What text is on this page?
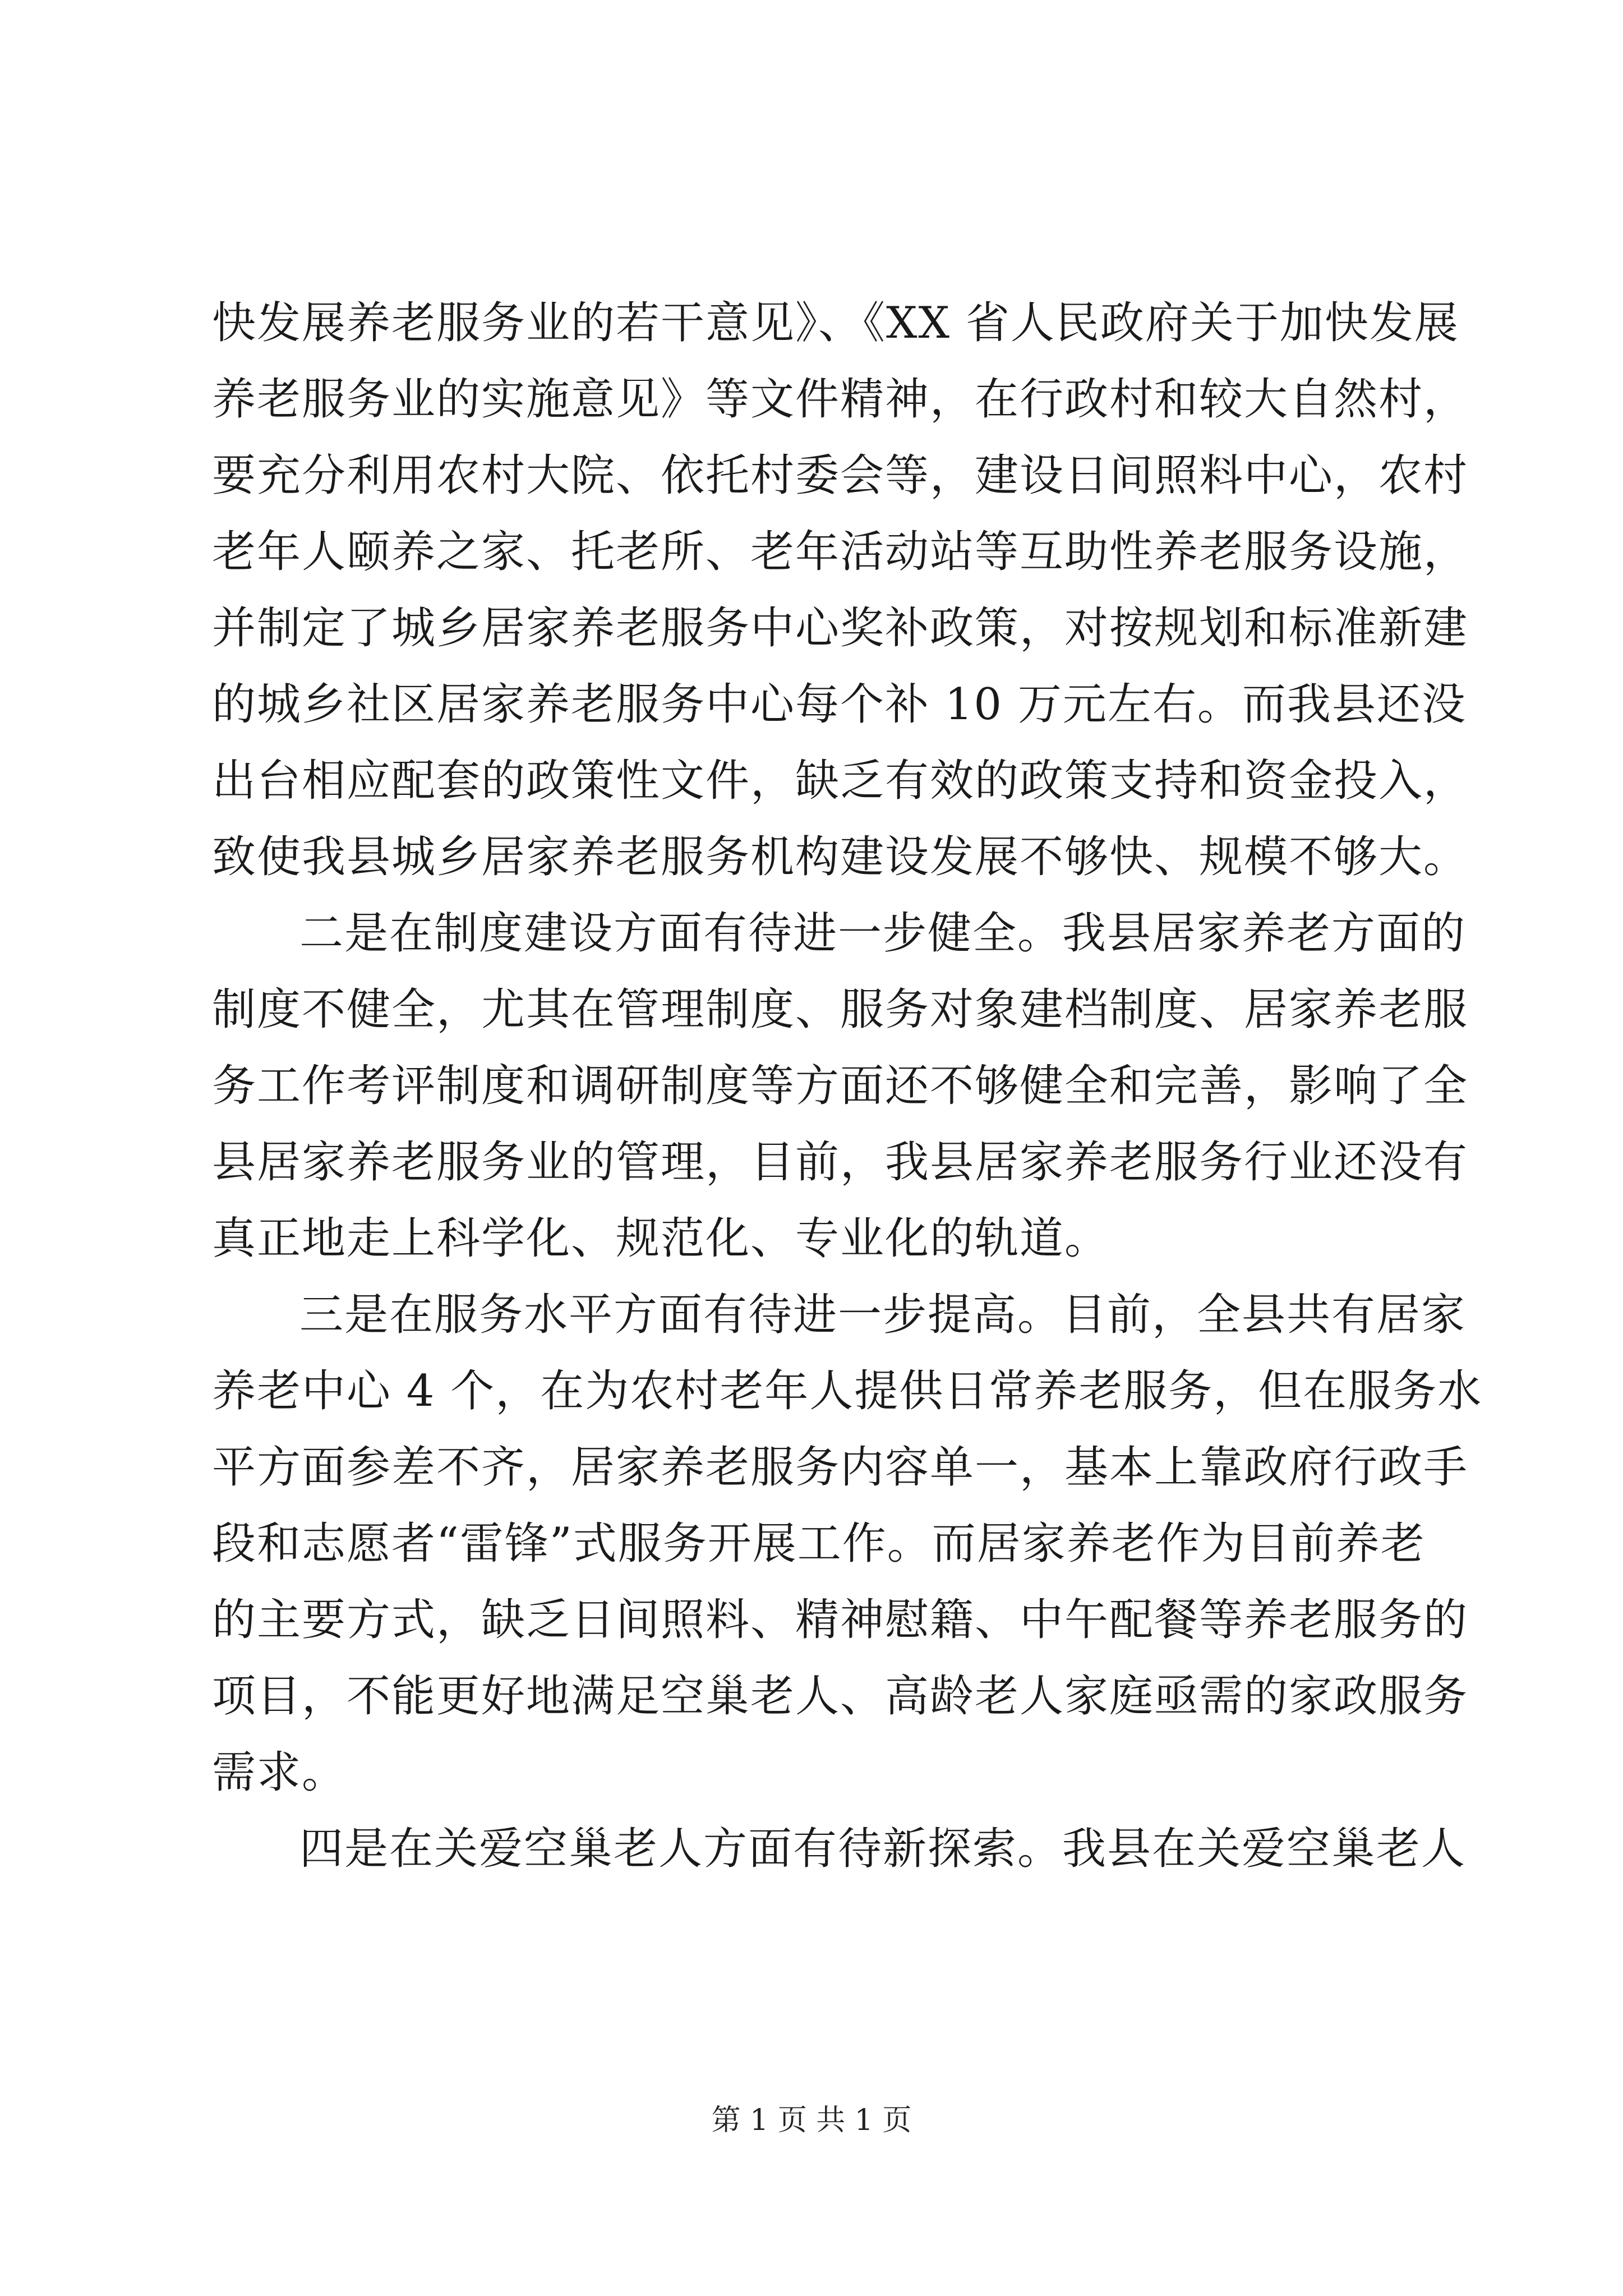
快发展养老服务业的若干意见》、《XX 省人民政府关于加快发展
养老服务业的实施意见》等文件精神，在行政村和较大自然村，
要充分利用农村大院、依托村委会等，建设日间照料中心，农村
老年人颐养之家、托老所、老年活动站等互助性养老服务设施，
并制定了城乡居家养老服务中心奖补政策，对按规划和标准新建
的城乡社区居家养老服务中心每个补 10 万元左右。而我县还没
出台相应配套的政策性文件，缺乏有效的政策支持和资金投入，
致使我县城乡居家养老服务机构建设发展不够快、规模不够大。
二是在制度建设方面有待进一步健全。我县居家养老方面的
制度不健全，尤其在管理制度、服务对象建档制度、居家养老服
务工作考评制度和调研制度等方面还不够健全和完善，影响了全
县居家养老服务业的管理，目前，我县居家养老服务行业还没有
真正地走上科学化、规范化、专业化的轨道。
三是在服务水平方面有待进一步提高。目前，全县共有居家
养老中心 4 个，在为农村老年人提供日常养老服务，但在服务水
平方面参差不齐，居家养老服务内容单一，基本上靠政府行政手
段和志愿者“雷锋”式服务开展工作。而居家养老作为目前养老
的主要方式，缺乏日间照料、精神慰籍、中午配餐等养老服务的
项目，不能更好地满足空巢老人、高龄老人家庭亟需的家政服务
需求。
四是在关爱空巢老人方面有待新探索。我县在关爱空巢老人
第 1 页 共 1 页
